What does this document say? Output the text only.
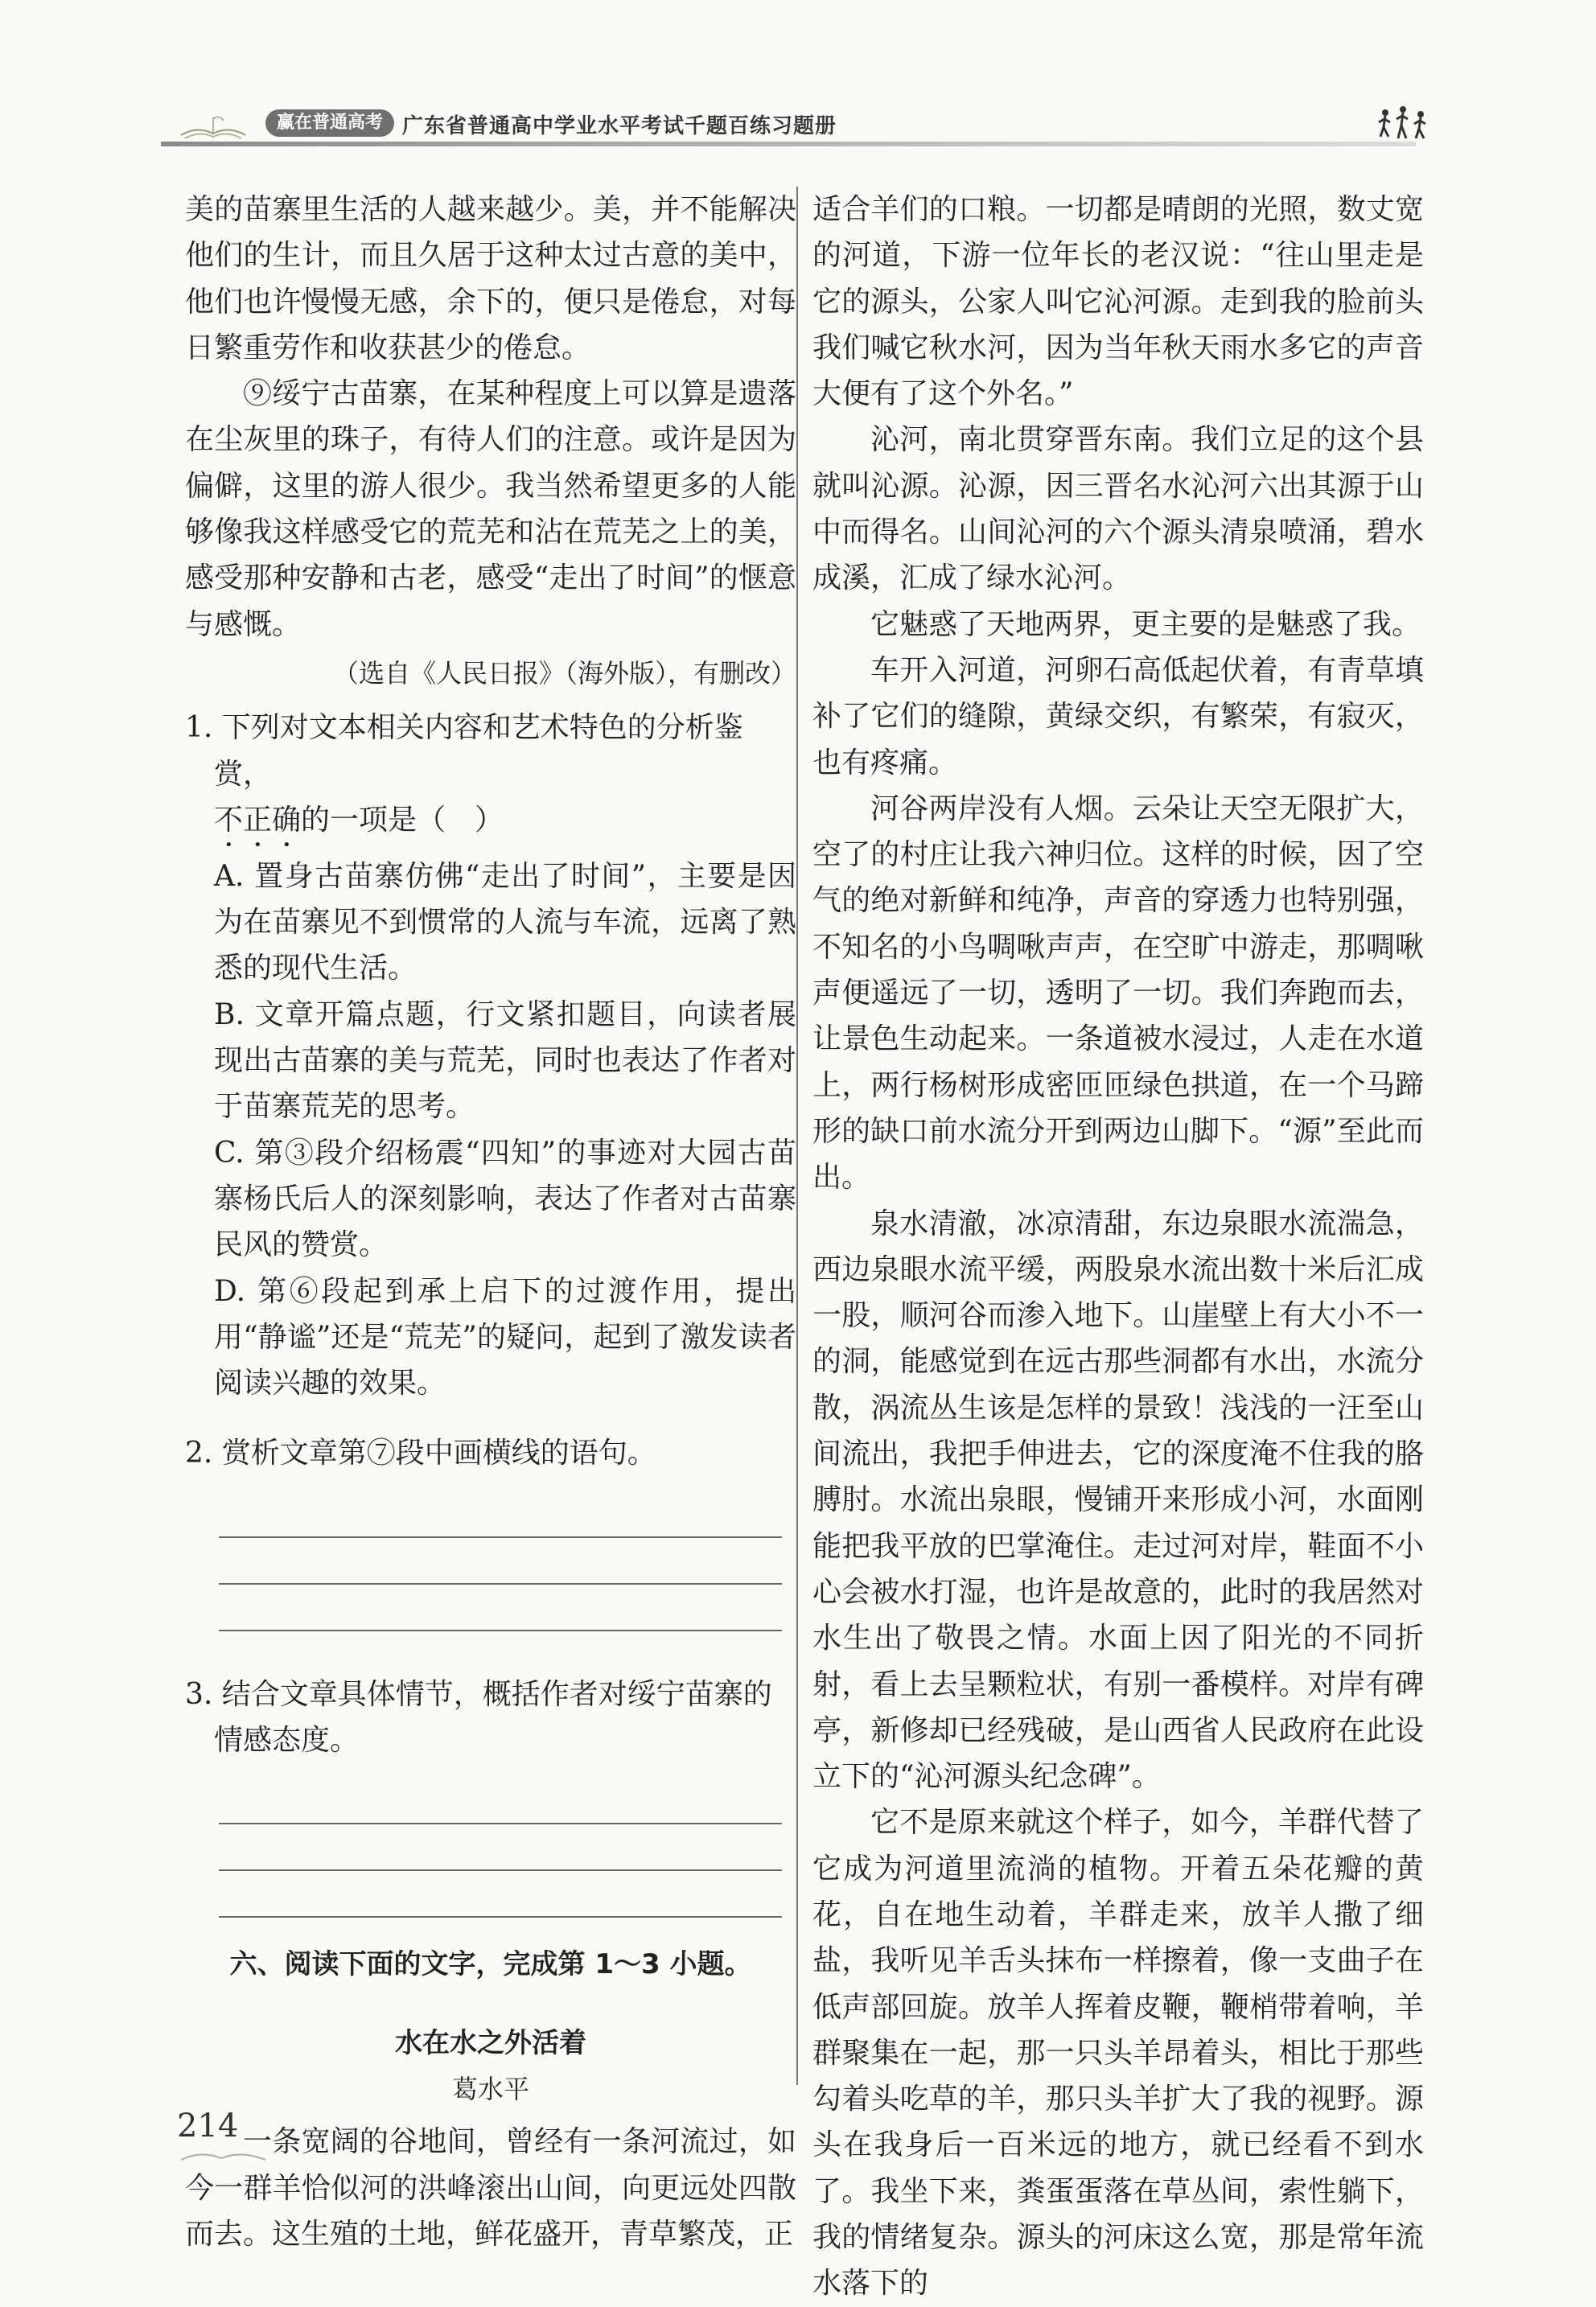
赢在普通高考 广东省普通高中学业水平考试千题百练习题册

美的苗寨里生活的人越来越少。美，并不能解决他们的生计，而且久居于这种太过古意的美中，他们也许慢慢无感，余下的，便只是倦怠，对每日繁重劳作和收获甚少的倦怠。

⑨绥宁古苗寨，在某种程度上可以算是遗落在尘灰里的珠子，有待人们的注意。或许是因为偏僻，这里的游人很少。我当然希望更多的人能够像我这样感受它的荒芜和沾在荒芜之上的美，感受那种安静和古老，感受“走出了时间”的惬意与感慨。

（选自《人民日报》（海外版），有删改）

1. 下列对文本相关内容和艺术特色的分析鉴赏，
不正确的一项是（　）

A. 置身古苗寨仿佛“走出了时间”，主要是因为在苗寨见不到惯常的人流与车流，远离了熟悉的现代生活。

B. 文章开篇点题，行文紧扣题目，向读者展现出古苗寨的美与荒芜，同时也表达了作者对于苗寨荒芜的思考。

C. 第③段介绍杨震“四知”的事迹对大园古苗寨杨氏后人的深刻影响，表达了作者对古苗寨民风的赞赏。

D. 第⑥段起到承上启下的过渡作用，提出用“静谧”还是“荒芜”的疑问，起到了激发读者阅读兴趣的效果。

2. 赏析文章第⑦段中画横线的语句。

3. 结合文章具体情节，概括作者对绥宁苗寨的情感态度。

六、阅读下面的文字，完成第 1～3 小题。
水在水之外活着
葛水平

一条宽阔的谷地间，曾经有一条河流过，如今一群羊恰似河的洪峰滚出山间，向更远处四散而去。这生殖的土地，鲜花盛开，青草繁茂，正

适合羊们的口粮。一切都是晴朗的光照，数丈宽的河道，下游一位年长的老汉说：“往山里走是它的源头，公家人叫它沁河源。走到我的脸前头我们喊它秋水河，因为当年秋天雨水多它的声音大便有了这个外名。”

沁河，南北贯穿晋东南。我们立足的这个县就叫沁源。沁源，因三晋名水沁河六出其源于山中而得名。山间沁河的六个源头清泉喷涌，碧水成溪，汇成了绿水沁河。

它魅惑了天地两界，更主要的是魅惑了我。

车开入河道，河卵石高低起伏着，有青草填补了它们的缝隙，黄绿交织，有繁荣，有寂灭，也有疼痛。

河谷两岸没有人烟。云朵让天空无限扩大，空了的村庄让我六神归位。这样的时候，因了空气的绝对新鲜和纯净，声音的穿透力也特别强，不知名的小鸟啁啾声声，在空旷中游走，那啁啾声便遥远了一切，透明了一切。我们奔跑而去，让景色生动起来。一条道被水浸过，人走在水道上，两行杨树形成密匝匝绿色拱道，在一个马蹄形的缺口前水流分开到两边山脚下。“源”至此而出。

泉水清澈，冰凉清甜，东边泉眼水流湍急，西边泉眼水流平缓，两股泉水流出数十米后汇成一股，顺河谷而渗入地下。山崖壁上有大小不一的洞，能感觉到在远古那些洞都有水出，水流分散，涡流丛生该是怎样的景致！浅浅的一汪至山间流出，我把手伸进去，它的深度淹不住我的胳膊肘。水流出泉眼，慢铺开来形成小河，水面刚能把我平放的巴掌淹住。走过河对岸，鞋面不小心会被水打湿，也许是故意的，此时的我居然对水生出了敬畏之情。水面上因了阳光的不同折射，看上去呈颗粒状，有别一番模样。对岸有碑亭，新修却已经残破，是山西省人民政府在此设立下的“沁河源头纪念碑”。

它不是原来就这个样子，如今，羊群代替了它成为河道里流淌的植物。开着五朵花瓣的黄花，自在地生动着，羊群走来，放羊人撒了细盐，我听见羊舌头抹布一样擦着，像一支曲子在低声部回旋。放羊人挥着皮鞭，鞭梢带着响，羊群聚集在一起，那一只头羊昂着头，相比于那些勾着头吃草的羊，那只头羊扩大了我的视野。源头在我身后一百米远的地方，就已经看不到水了。我坐下来，粪蛋蛋落在草丛间，索性躺下，我的情绪复杂。源头的河床这么宽，那是常年流水落下的

214
